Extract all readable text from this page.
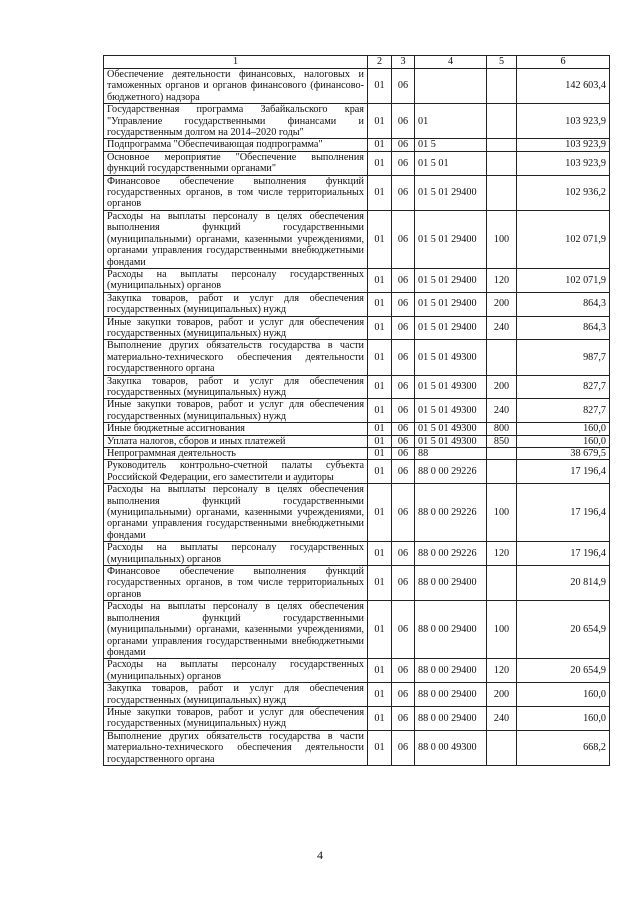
1	2	3	4	5	6
Обеспечение деятельности финансовых, налоговых и таможенных органов и органов финансового (финансово-бюджетного) надзора	01	06			142 603,4
Государственная программа Забайкальского края "Управление государственными финансами и государственным долгом на 2014–2020 годы"	01	06	01		103 923,9
Подпрограмма "Обеспечивающая подпрограмма"	01	06	01 5		103 923,9
Основное мероприятие "Обеспечение выполнения функций государственными органами"	01	06	01 5 01		103 923,9
Финансовое обеспечение выполнения функций государственных органов, в том числе территориальных органов	01	06	01 5 01 29400		102 936,2
Расходы на выплаты персоналу в целях обеспечения выполнения функций государственными (муниципальными) органами, казенными учреждениями, органами управления государственными внебюджетными фондами	01	06	01 5 01 29400	100	102 071,9
Расходы на выплаты персоналу государственных (муниципальных) органов	01	06	01 5 01 29400	120	102 071,9
Закупка товаров, работ и услуг для обеспечения государственных (муниципальных) нужд	01	06	01 5 01 29400	200	864,3
Иные закупки товаров, работ и услуг для обеспечения государственных (муниципальных) нужд	01	06	01 5 01 29400	240	864,3
Выполнение других обязательств государства в части материально-технического обеспечения деятельности государственного органа	01	06	01 5 01 49300		987,7
Закупка товаров, работ и услуг для обеспечения государственных (муниципальных) нужд	01	06	01 5 01 49300	200	827,7
Иные закупки товаров, работ и услуг для обеспечения государственных (муниципальных) нужд	01	06	01 5 01 49300	240	827,7
Иные бюджетные ассигнования	01	06	01 5 01 49300	800	160,0
Уплата налогов, сборов и иных платежей	01	06	01 5 01 49300	850	160,0
Непрограммная деятельность	01	06	88		38 679,5
Руководитель контрольно-счетной палаты субъекта Российской Федерации, его заместители и аудиторы	01	06	88 0 00 29226		17 196,4
Расходы на выплаты персоналу в целях обеспечения выполнения функций государственными (муниципальными) органами, казенными учреждениями, органами управления государственными внебюджетными фондами	01	06	88 0 00 29226	100	17 196,4
Расходы на выплаты персоналу государственных (муниципальных) органов	01	06	88 0 00 29226	120	17 196,4
Финансовое обеспечение выполнения функций государственных органов, в том числе территориальных органов	01	06	88 0 00 29400		20 814,9
Расходы на выплаты персоналу в целях обеспечения выполнения функций государственными (муниципальными) органами, казенными учреждениями, органами управления государственными внебюджетными фондами	01	06	88 0 00 29400	100	20 654,9
Расходы на выплаты персоналу государственных (муниципальных) органов	01	06	88 0 00 29400	120	20 654,9
Закупка товаров, работ и услуг для обеспечения государственных (муниципальных) нужд	01	06	88 0 00 29400	200	160,0
Иные закупки товаров, работ и услуг для обеспечения государственных (муниципальных) нужд	01	06	88 0 00 29400	240	160,0
Выполнение других обязательств государства в части материально-технического обеспечения деятельности государственного органа	01	06	88 0 00 49300		668,2
4
